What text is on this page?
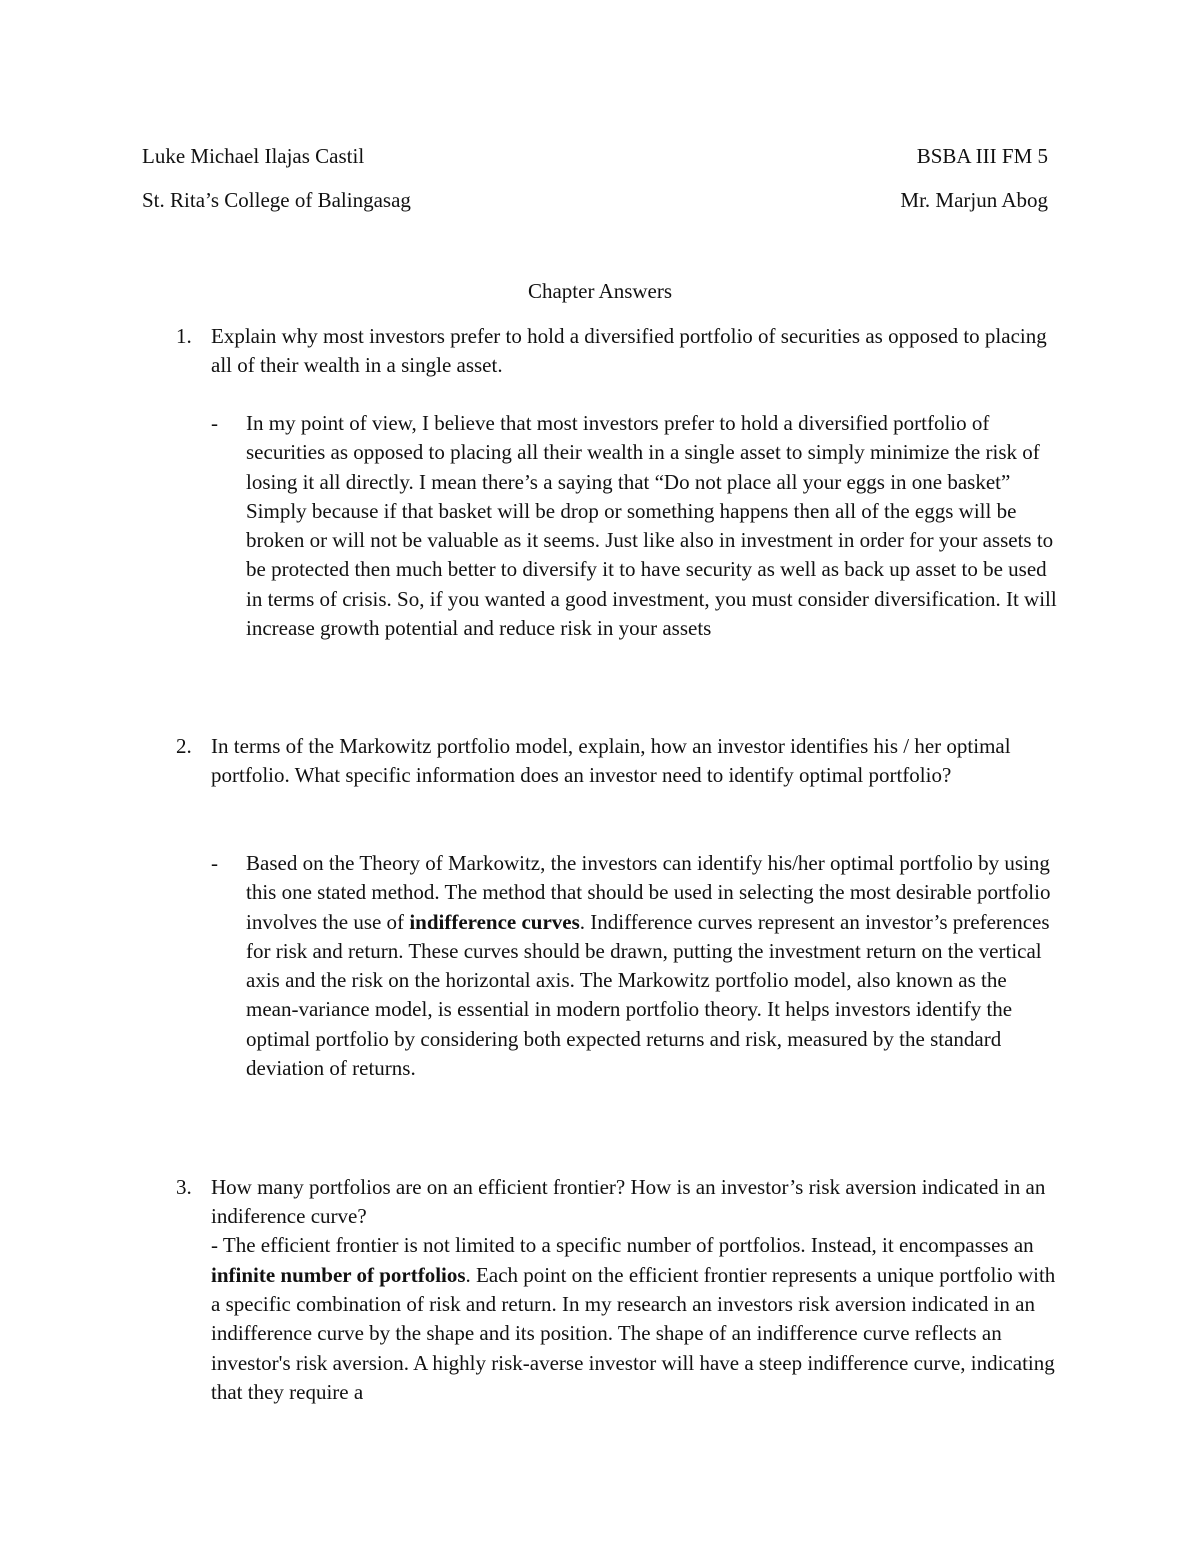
Luke Michael Ilajas Castil	BSBA III FM 5
St. Rita’s College of Balingasag	Mr. Marjun Abog
Chapter Answers
1. Explain why most investors prefer to hold a diversified portfolio of securities as opposed to placing all of their wealth in a single asset.
- In my point of view, I believe that most investors prefer to hold a diversified portfolio of securities as opposed to placing all their wealth in a single asset to simply minimize the risk of losing it all directly. I mean there’s a saying that “Do not place all your eggs in one basket” Simply because if that basket will be drop or something happens then all of the eggs will be broken or will not be valuable as it seems. Just like also in investment in order for your assets to be protected then much better to diversify it to have security as well as back up asset to be used in terms of crisis. So, if you wanted a good investment, you must consider diversification. It will increase growth potential and reduce risk in your assets
2. In terms of the Markowitz portfolio model, explain, how an investor identifies his / her optimal portfolio. What specific information does an investor need to identify optimal portfolio?
- Based on the Theory of Markowitz, the investors can identify his/her optimal portfolio by using this one stated method. The method that should be used in selecting the most desirable portfolio involves the use of indifference curves. Indifference curves represent an investor’s preferences for risk and return. These curves should be drawn, putting the investment return on the vertical axis and the risk on the horizontal axis. The Markowitz portfolio model, also known as the mean-variance model, is essential in modern portfolio theory. It helps investors identify the optimal portfolio by considering both expected returns and risk, measured by the standard deviation of returns.
3. How many portfolios are on an efficient frontier? How is an investor’s risk aversion indicated in an indiference curve?
- The efficient frontier is not limited to a specific number of portfolios. Instead, it encompasses an infinite number of portfolios. Each point on the efficient frontier represents a unique portfolio with a specific combination of risk and return. In my research an investors risk aversion indicated in an indifference curve by the shape and its position. The shape of an indifference curve reflects an investor's risk aversion. A highly risk-averse investor will have a steep indifference curve, indicating that they require a
